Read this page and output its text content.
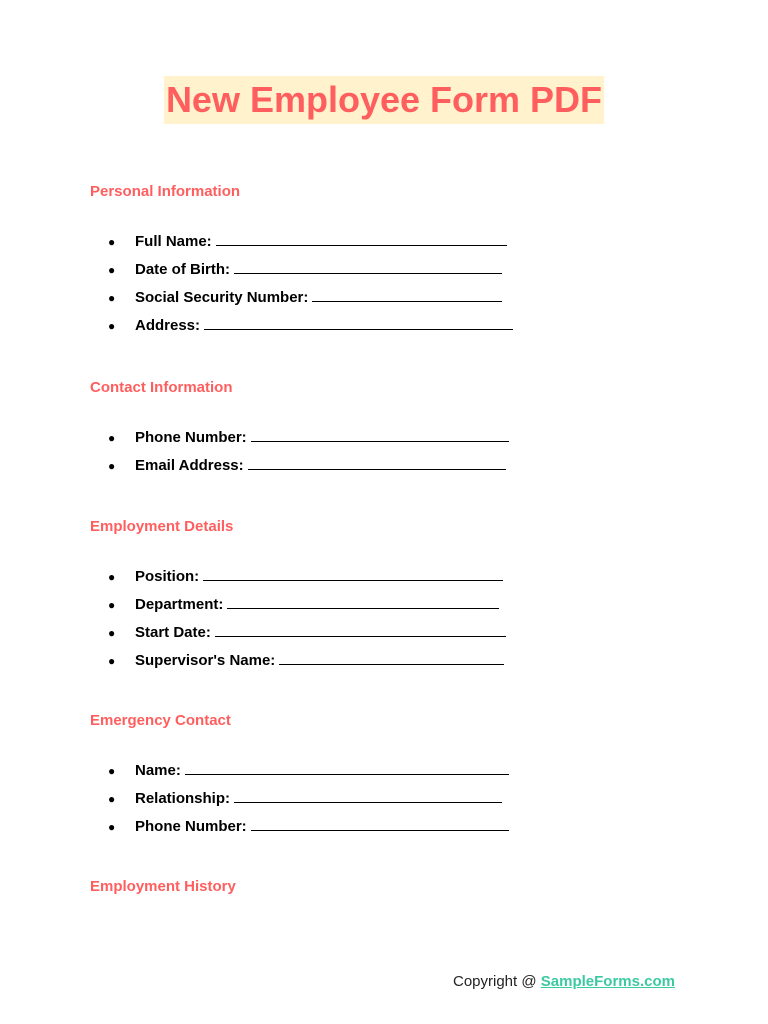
New Employee Form PDF
Personal Information
● Full Name:
● Date of Birth:
● Social Security Number:
● Address:
Contact Information
● Phone Number:
● Email Address:
Employment Details
● Position:
● Department:
● Start Date:
● Supervisor's Name:
Emergency Contact
● Name:
● Relationship:
● Phone Number:
Employment History
Copyright @ SampleForms.com
